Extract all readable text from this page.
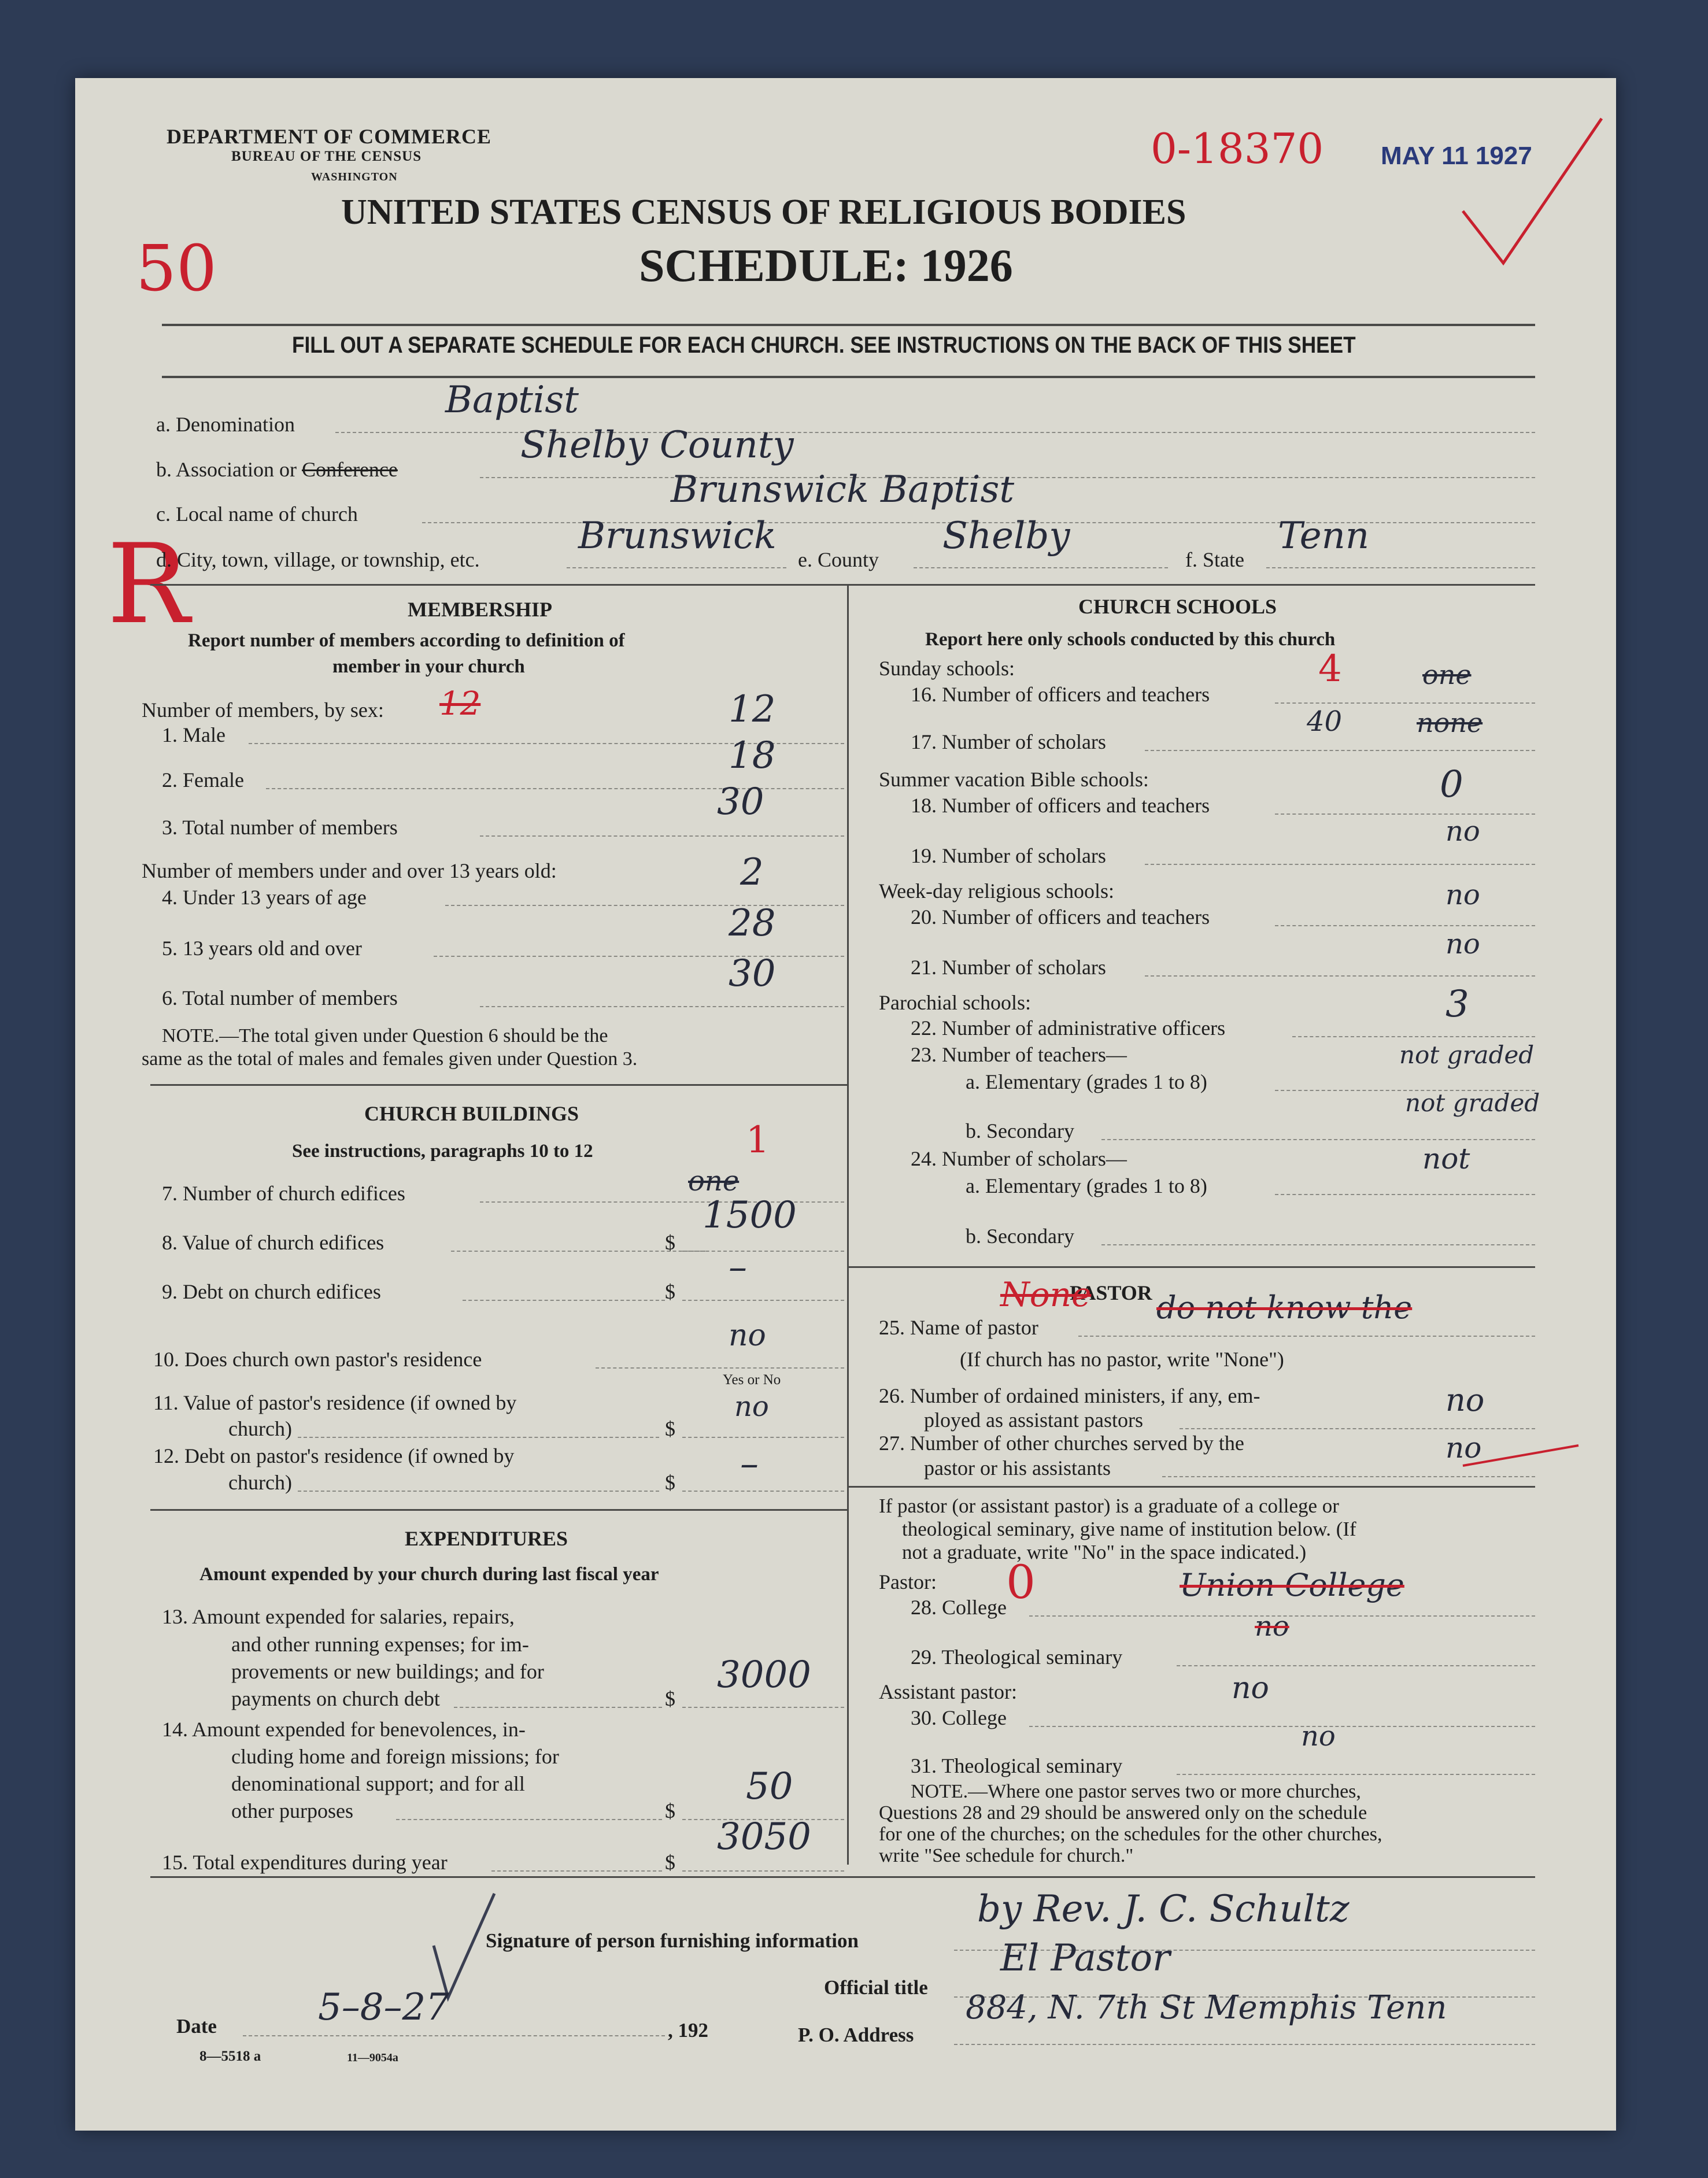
DEPARTMENT OF COMMERCE
BUREAU OF THE CENSUS
WASHINGTON
UNITED STATES CENSUS OF RELIGIOUS BODIES
SCHEDULE: 1926
0-18370 MAY 11 1927
50
R
FILL OUT A SEPARATE SCHEDULE FOR EACH CHURCH. SEE INSTRUCTIONS ON THE BACK OF THIS SHEET
a. Denomination
Baptist
b. Association or Conference
Shelby County
c. Local name of church
Brunswick Baptist
d. City, town, village, or township, etc.
Brunswick
e. County
Shelby
f. State
Tenn
MEMBERSHIP
Report number of members according to definition of
member in your church
Number of members, by sex:
1. Male
12	12
2. Female
18
3. Total number of members
30
Number of members under and over 13 years old:
4. Under 13 years of age
2
5. 13 years old and over
28
6. Total number of members
30
NOTE.—The total given under Question 6 should be the
same as the total of males and females given under Question 3.
CHURCH BUILDINGS
See instructions, paragraphs 10 to 12
7. Number of church edifices
1
one
8. Value of church edifices	$
1500
9. Debt on church edifices	$
–
10. Does church own pastor's residence
no
Yes or No
11. Value of pastor's residence (if owned by
church)	$
no
12. Debt on pastor's residence (if owned by
church)	$ –
EXPENDITURES
Amount expended by your church during last fiscal year
13. Amount expended for salaries, repairs,
and other running expenses; for im-
provements or new buildings; and for
payments on church debt	$
3000
14. Amount expended for benevolences, in-
cluding home and foreign missions; for
denominational support; and for all
other purposes	$
50
15. Total expenditures during year	$
3050
CHURCH SCHOOLS
Report here only schools conducted by this church
Sunday schools:
16. Number of officers and teachers
4	one
17. Number of scholars
40	none
Summer vacation Bible schools:
18. Number of officers and teachers	0
19. Number of scholars
no
Week-day religious schools:
20. Number of officers and teachers
no
21. Number of scholars
no
Parochial schools:
22. Number of administrative officers
3
23. Number of teachers—
a. Elementary (grades 1 to 8)
not graded
b. Secondary
not graded
24. Number of scholars—
a. Elementary (grades 1 to 8)
not
b. Secondary
PASTOR
25. Name of pastor
None do not know the
(If church has no pastor, write "None")
26. Number of ordained ministers, if any, em-
ployed as assistant pastors
no
27. Number of other churches served by the
pastor or his assistants
no
If pastor (or assistant pastor) is a graduate of a college or
theological seminary, give name of institution below. (If
not a graduate, write "No" in the space indicated.)
Pastor:
28. College 0	Union College
29. Theological seminary
no
Assistant pastor:
30. College
no
31. Theological seminary
no
NOTE.—Where one pastor serves two or more churches,
Questions 28 and 29 should be answered only on the schedule
for one of the churches; on the schedules for the other churches,
write "See schedule for church."
Signature of person furnishing information
by Rev. J. C. Schultz
Official title
El Pastor
Date	5–8–27
, 192	P. O. Address
884, N. 7th St Memphis Tenn
8—5518 a	11—9054a
